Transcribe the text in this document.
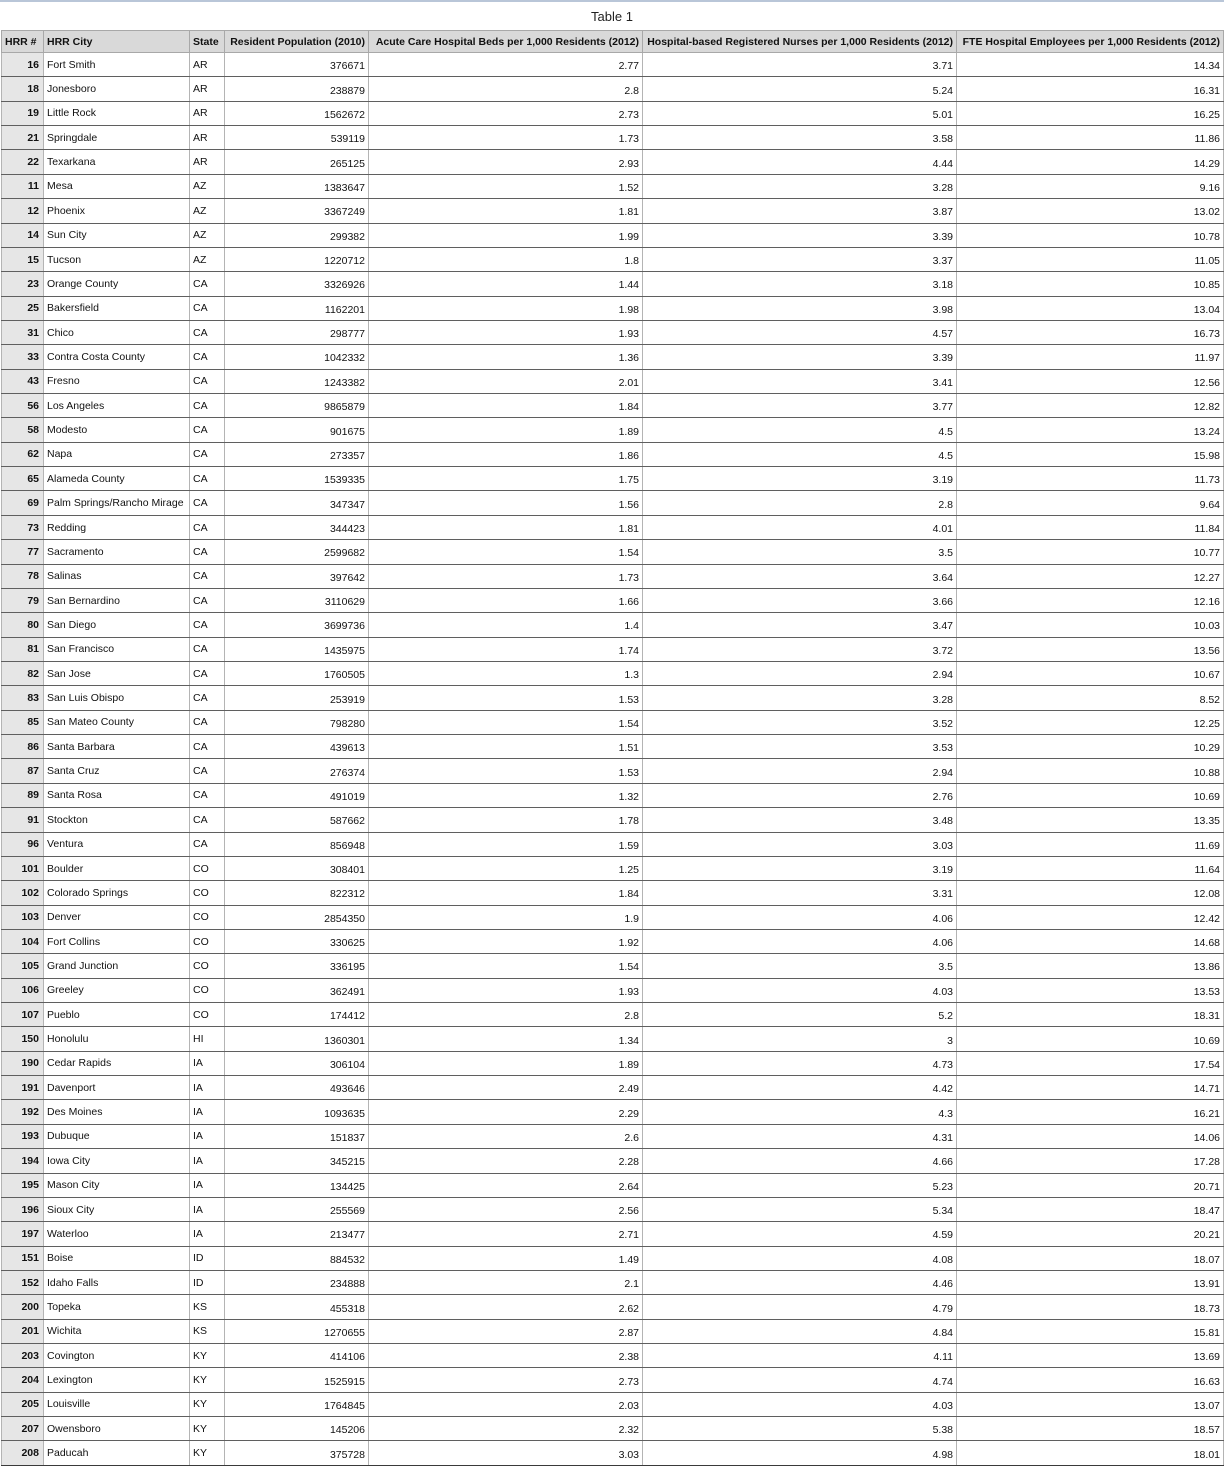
Table 1
HRR #	HRR City	State	Resident Population (2010)	Acute Care Hospital Beds per 1,000 Residents (2012)	Hospital-based Registered Nurses per 1,000 Residents (2012)	FTE Hospital Employees per 1,000 Residents (2012)
16	Fort Smith	AR	376671	2.77	3.71	14.34
18	Jonesboro	AR	238879	2.8	5.24	16.31
19	Little Rock	AR	1562672	2.73	5.01	16.25
21	Springdale	AR	539119	1.73	3.58	11.86
22	Texarkana	AR	265125	2.93	4.44	14.29
11	Mesa	AZ	1383647	1.52	3.28	9.16
12	Phoenix	AZ	3367249	1.81	3.87	13.02
14	Sun City	AZ	299382	1.99	3.39	10.78
15	Tucson	AZ	1220712	1.8	3.37	11.05
23	Orange County	CA	3326926	1.44	3.18	10.85
25	Bakersfield	CA	1162201	1.98	3.98	13.04
31	Chico	CA	298777	1.93	4.57	16.73
33	Contra Costa County	CA	1042332	1.36	3.39	11.97
43	Fresno	CA	1243382	2.01	3.41	12.56
56	Los Angeles	CA	9865879	1.84	3.77	12.82
58	Modesto	CA	901675	1.89	4.5	13.24
62	Napa	CA	273357	1.86	4.5	15.98
65	Alameda County	CA	1539335	1.75	3.19	11.73
69	Palm Springs/Rancho Mirage	CA	347347	1.56	2.8	9.64
73	Redding	CA	344423	1.81	4.01	11.84
77	Sacramento	CA	2599682	1.54	3.5	10.77
78	Salinas	CA	397642	1.73	3.64	12.27
79	San Bernardino	CA	3110629	1.66	3.66	12.16
80	San Diego	CA	3699736	1.4	3.47	10.03
81	San Francisco	CA	1435975	1.74	3.72	13.56
82	San Jose	CA	1760505	1.3	2.94	10.67
83	San Luis Obispo	CA	253919	1.53	3.28	8.52
85	San Mateo County	CA	798280	1.54	3.52	12.25
86	Santa Barbara	CA	439613	1.51	3.53	10.29
87	Santa Cruz	CA	276374	1.53	2.94	10.88
89	Santa Rosa	CA	491019	1.32	2.76	10.69
91	Stockton	CA	587662	1.78	3.48	13.35
96	Ventura	CA	856948	1.59	3.03	11.69
101	Boulder	CO	308401	1.25	3.19	11.64
102	Colorado Springs	CO	822312	1.84	3.31	12.08
103	Denver	CO	2854350	1.9	4.06	12.42
104	Fort Collins	CO	330625	1.92	4.06	14.68
105	Grand Junction	CO	336195	1.54	3.5	13.86
106	Greeley	CO	362491	1.93	4.03	13.53
107	Pueblo	CO	174412	2.8	5.2	18.31
150	Honolulu	HI	1360301	1.34	3	10.69
190	Cedar Rapids	IA	306104	1.89	4.73	17.54
191	Davenport	IA	493646	2.49	4.42	14.71
192	Des Moines	IA	1093635	2.29	4.3	16.21
193	Dubuque	IA	151837	2.6	4.31	14.06
194	Iowa City	IA	345215	2.28	4.66	17.28
195	Mason City	IA	134425	2.64	5.23	20.71
196	Sioux City	IA	255569	2.56	5.34	18.47
197	Waterloo	IA	213477	2.71	4.59	20.21
151	Boise	ID	884532	1.49	4.08	18.07
152	Idaho Falls	ID	234888	2.1	4.46	13.91
200	Topeka	KS	455318	2.62	4.79	18.73
201	Wichita	KS	1270655	2.87	4.84	15.81
203	Covington	KY	414106	2.38	4.11	13.69
204	Lexington	KY	1525915	2.73	4.74	16.63
205	Louisville	KY	1764845	2.03	4.03	13.07
207	Owensboro	KY	145206	2.32	5.38	18.57
208	Paducah	KY	375728	3.03	4.98	18.01
